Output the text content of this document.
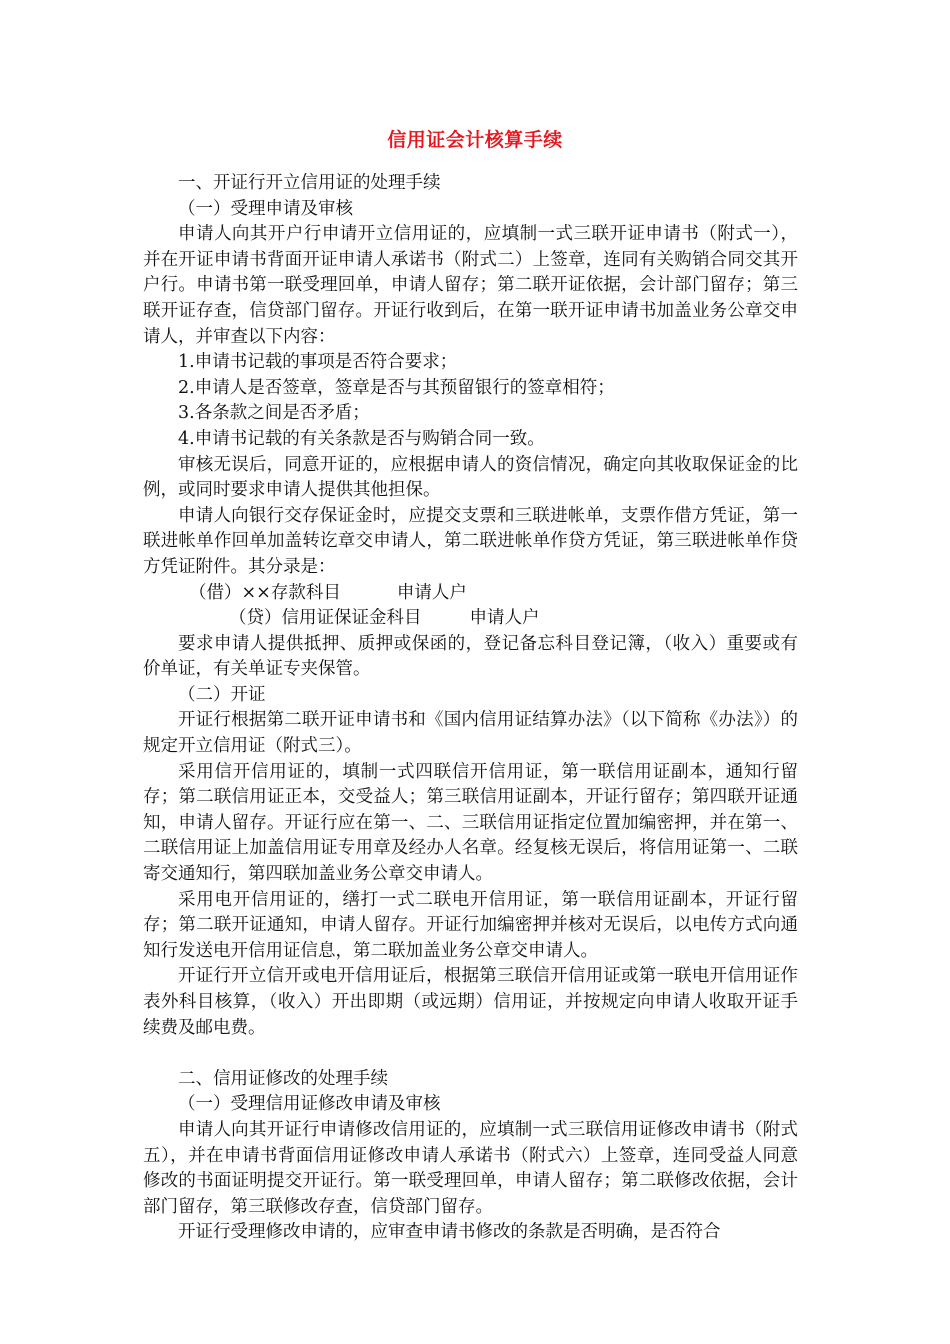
信用证会计核算手续

一、开证行开立信用证的处理手续

（一）受理申请及审核

申请人向其开户行申请开立信用证的，应填制一式三联开证申请书（附式一），并在开证申请书背面开证申请人承诺书（附式二）上签章，连同有关购销合同交其开户行。申请书第一联受理回单，申请人留存；第二联开证依据，会计部门留存；第三联开证存查，信贷部门留存。开证行收到后，在第一联开证申请书加盖业务公章交申请人，并审查以下内容：

1.申请书记载的事项是否符合要求；

2.申请人是否签章，签章是否与其预留银行的签章相符；

3.各条款之间是否矛盾；

4.申请书记载的有关条款是否与购销合同一致。

审核无误后，同意开证的，应根据申请人的资信情况，确定向其收取保证金的比例，或同时要求申请人提供其他担保。

申请人向银行交存保证金时，应提交支票和三联进帐单，支票作借方凭证，第一联进帐单作回单加盖转讫章交申请人，第二联进帐单作贷方凭证，第三联进帐单作贷方凭证附件。其分录是：

（借）××存款科目	申请人户

（贷）信用证保证金科目	申请人户

要求申请人提供抵押、质押或保函的，登记备忘科目登记簿，（收入）重要或有价单证，有关单证专夹保管。

（二）开证

开证行根据第二联开证申请书和《国内信用证结算办法》（以下简称《办法》）的规定开立信用证（附式三）。

采用信开信用证的，填制一式四联信开信用证，第一联信用证副本，通知行留存；第二联信用证正本，交受益人；第三联信用证副本，开证行留存；第四联开证通知，申请人留存。开证行应在第一、二、三联信用证指定位置加编密押，并在第一、二联信用证上加盖信用证专用章及经办人名章。经复核无误后，将信用证第一、二联寄交通知行，第四联加盖业务公章交申请人。

采用电开信用证的，缮打一式二联电开信用证，第一联信用证副本，开证行留存；第二联开证通知，申请人留存。开证行加编密押并核对无误后，以电传方式向通知行发送电开信用证信息，第二联加盖业务公章交申请人。

开证行开立信开或电开信用证后，根据第三联信开信用证或第一联电开信用证作表外科目核算，（收入）开出即期（或远期）信用证，并按规定向申请人收取开证手续费及邮电费。

二、信用证修改的处理手续

（一）受理信用证修改申请及审核

申请人向其开证行申请修改信用证的，应填制一式三联信用证修改申请书（附式五），并在申请书背面信用证修改申请人承诺书（附式六）上签章，连同受益人同意修改的书面证明提交开证行。第一联受理回单，申请人留存；第二联修改依据，会计部门留存，第三联修改存查，信贷部门留存。

开证行受理修改申请的，应审查申请书修改的条款是否明确，是否符合
